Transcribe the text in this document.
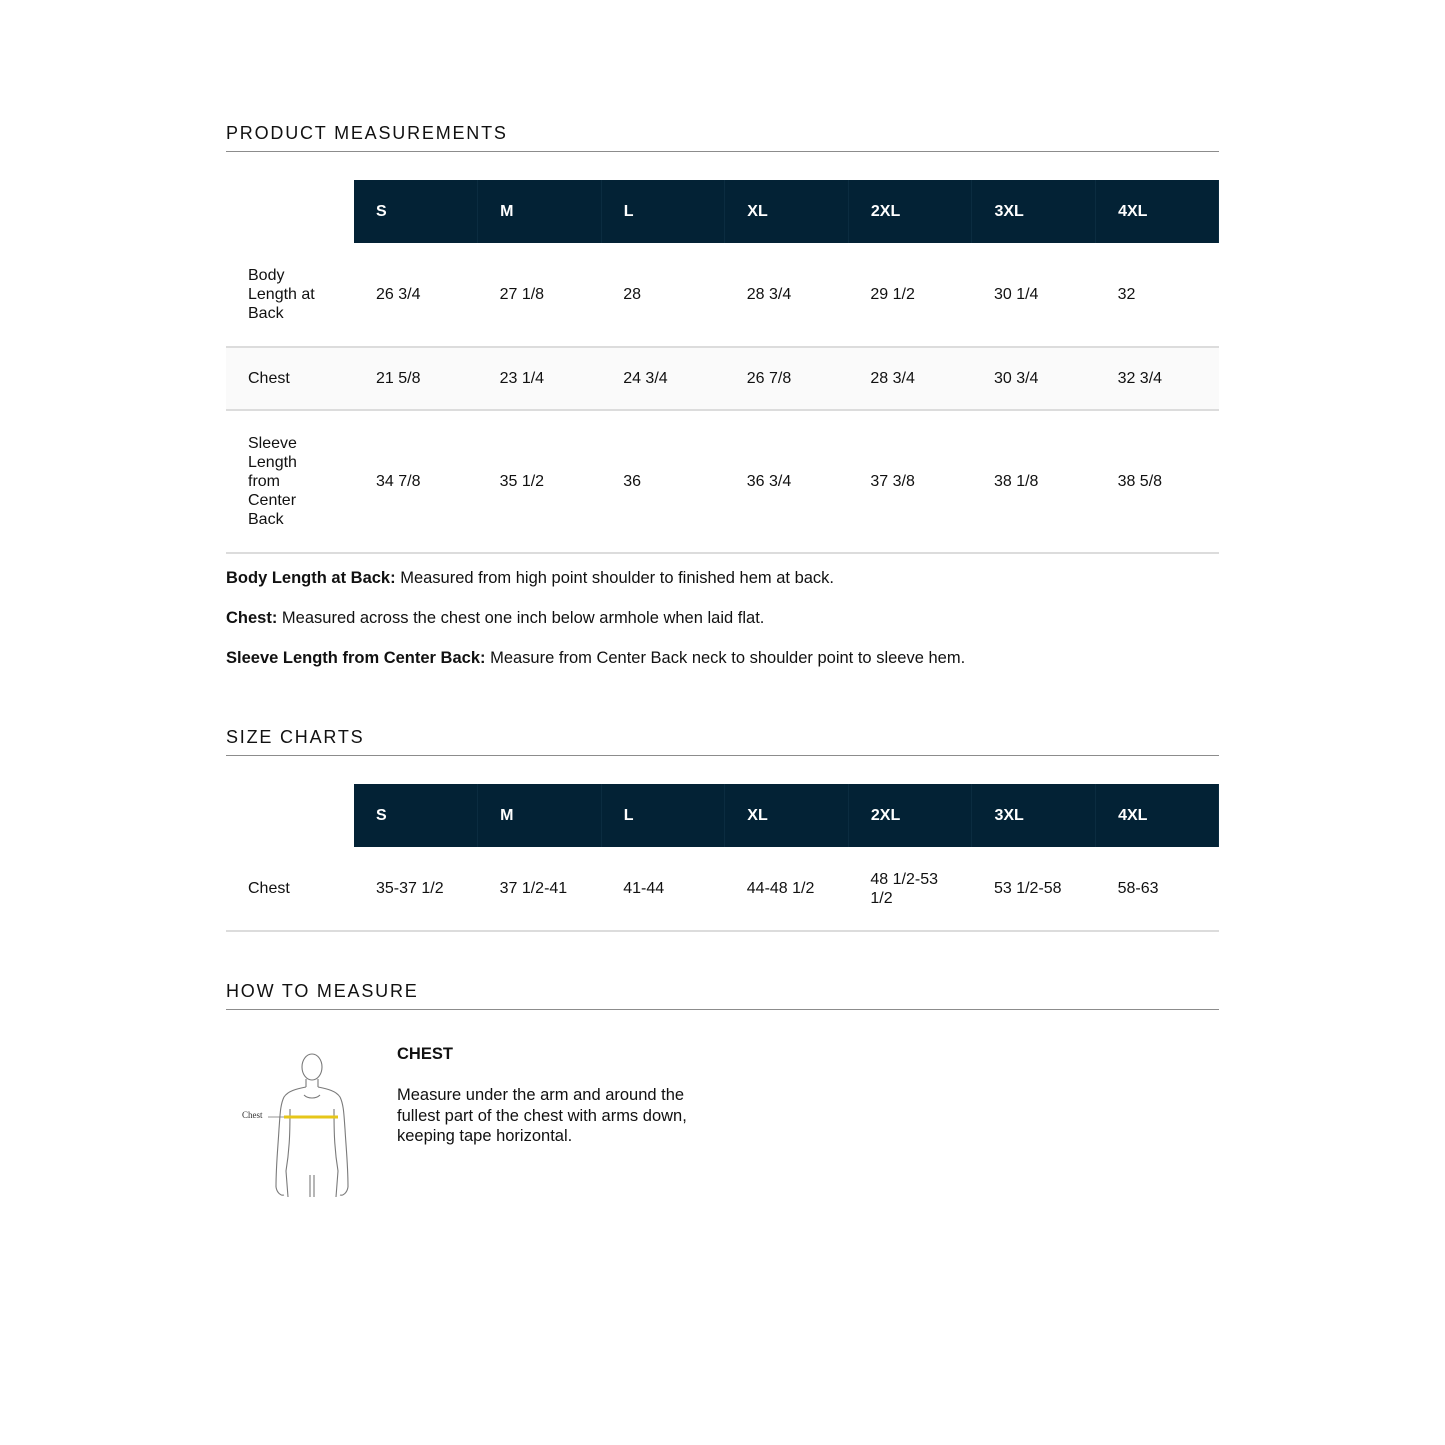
PRODUCT MEASUREMENTS
	S	M	L	XL	2XL	3XL	4XL
Body Length at Back	26 3/4	27 1/8	28	28 3/4	29 1/2	30 1/4	32
Chest	21 5/8	23 1/4	24 3/4	26 7/8	28 3/4	30 3/4	32 3/4
Sleeve Length from Center Back	34 7/8	35 1/2	36	36 3/4	37 3/8	38 1/8	38 5/8

Body Length at Back: Measured from high point shoulder to finished hem at back.

Chest: Measured across the chest one inch below armhole when laid flat.

Sleeve Length from Center Back: Measure from Center Back neck to shoulder point to sleeve hem.

SIZE CHARTS
	S	M	L	XL	2XL	3XL	4XL
Chest	35-37 1/2	37 1/2-41	41-44	44-48 1/2	48 1/2-53 1/2	53 1/2-58	58-63
HOW TO MEASURE
Chest
CHEST
Measure under the arm and around the fullest part of the chest with arms down, keeping tape horizontal.
